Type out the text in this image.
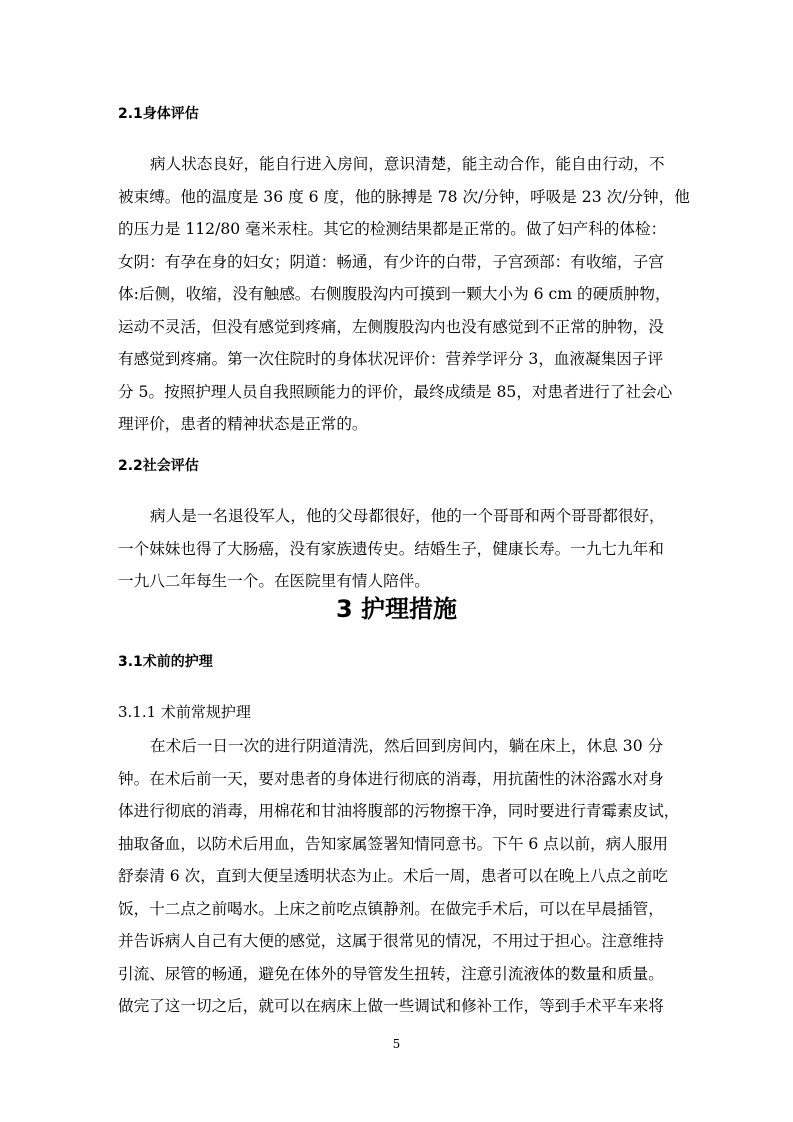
2.1身体评估
病人状态良好，能自行进入房间，意识清楚，能主动合作，能自由行动，不
被束缚。他的温度是 36 度 6 度，他的脉搏是 78 次/分钟，呼吸是 23 次/分钟，他
的压力是 112/80 毫米汞柱。其它的检测结果都是正常的。做了妇产科的体检：
女阴：有孕在身的妇女；阴道：畅通，有少许的白带，子宫颈部：有收缩，子宫
体:后侧，收缩，没有触感。右侧腹股沟内可摸到一颗大小为 6 cm 的硬质肿物，
运动不灵活，但没有感觉到疼痛，左侧腹股沟内也没有感觉到不正常的肿物，没
有感觉到疼痛。第一次住院时的身体状况评价：营养学评分 3，血液凝集因子评
分 5。按照护理人员自我照顾能力的评价，最终成绩是 85，对患者进行了社会心
理评价，患者的精神状态是正常的。
2.2社会评估
病人是一名退役军人，他的父母都很好，他的一个哥哥和两个哥哥都很好，
一个妹妹也得了大肠癌，没有家族遗传史。结婚生子，健康长寿。一九七九年和
一九八二年每生一个。在医院里有情人陪伴。
3 护理措施
3.1术前的护理
3.1.1 术前常规护理
在术后一日一次的进行阴道清洗，然后回到房间内，躺在床上，休息 30 分
钟。在术后前一天，要对患者的身体进行彻底的消毒，用抗菌性的沐浴露水对身
体进行彻底的消毒，用棉花和甘油将腹部的污物擦干净，同时要进行青霉素皮试，
抽取备血，以防术后用血，告知家属签署知情同意书。下午 6 点以前，病人服用
舒泰清 6 次，直到大便呈透明状态为止。术后一周，患者可以在晚上八点之前吃
饭，十二点之前喝水。上床之前吃点镇静剂。在做完手术后，可以在早晨插管，
并告诉病人自己有大便的感觉，这属于很常见的情况，不用过于担心。注意维持
引流、尿管的畅通，避免在体外的导管发生扭转，注意引流液体的数量和质量。
做完了这一切之后，就可以在病床上做一些调试和修补工作，等到手术平车来将
5
